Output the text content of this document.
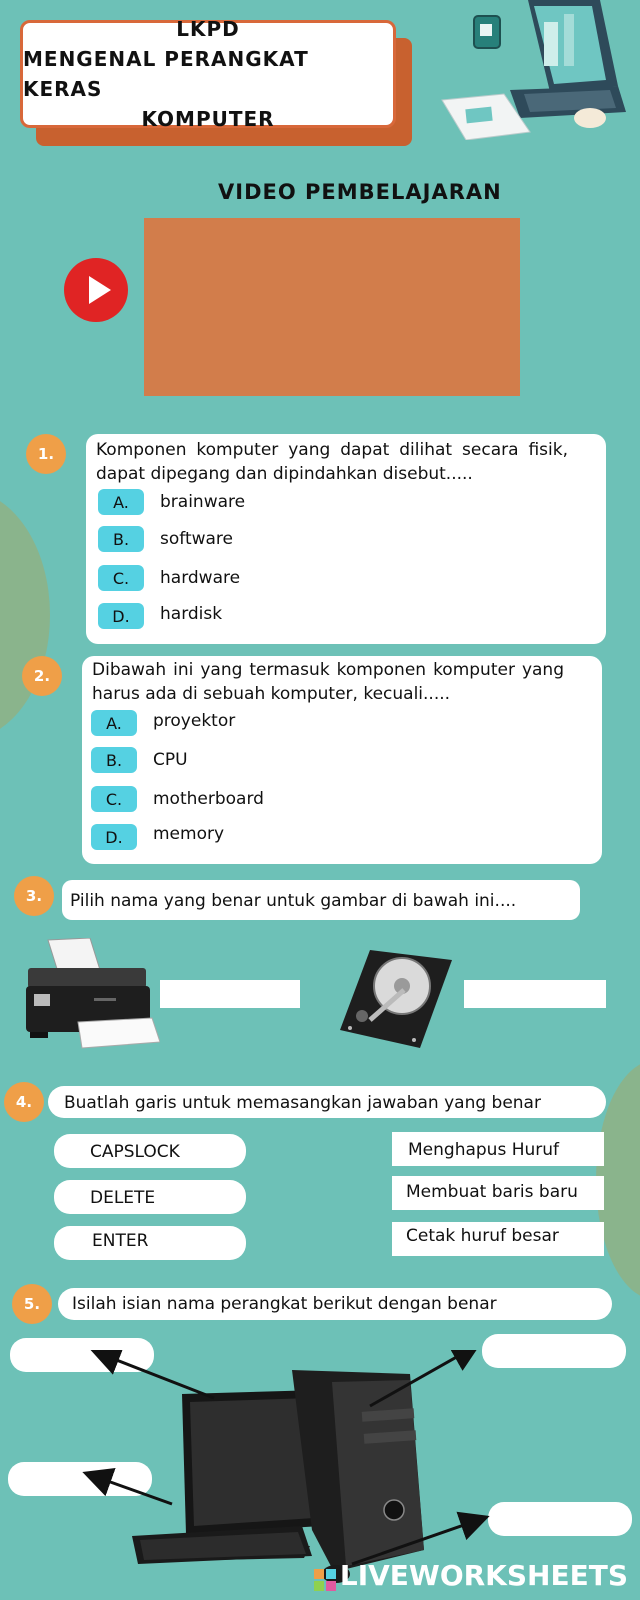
LKPD
MENGENAL PERANGKAT KERAS
KOMPUTER
VIDEO PEMBELAJARAN
1.	Komponen komputer yang dapat dilihat secara fisik, dapat dipegang dan dipindahkan disebut.....
A.	brainware
B.	software
C.	hardware
D.	hardisk
2.	Dibawah ini yang termasuk komponen komputer yang harus ada di sebuah komputer, kecuali.....
A.	proyektor
B.	CPU
C.	motherboard
D.	memory
3.	Pilih nama yang benar untuk gambar di bawah ini....
4.	Buatlah garis untuk memasangkan jawaban yang benar
CAPSLOCK
DELETE
ENTER
Menghapus Huruf
Membuat baris baru
Cetak huruf besar
5.	Isilah isian nama perangkat berikut dengan benar
LIVEWORKSHEETS
